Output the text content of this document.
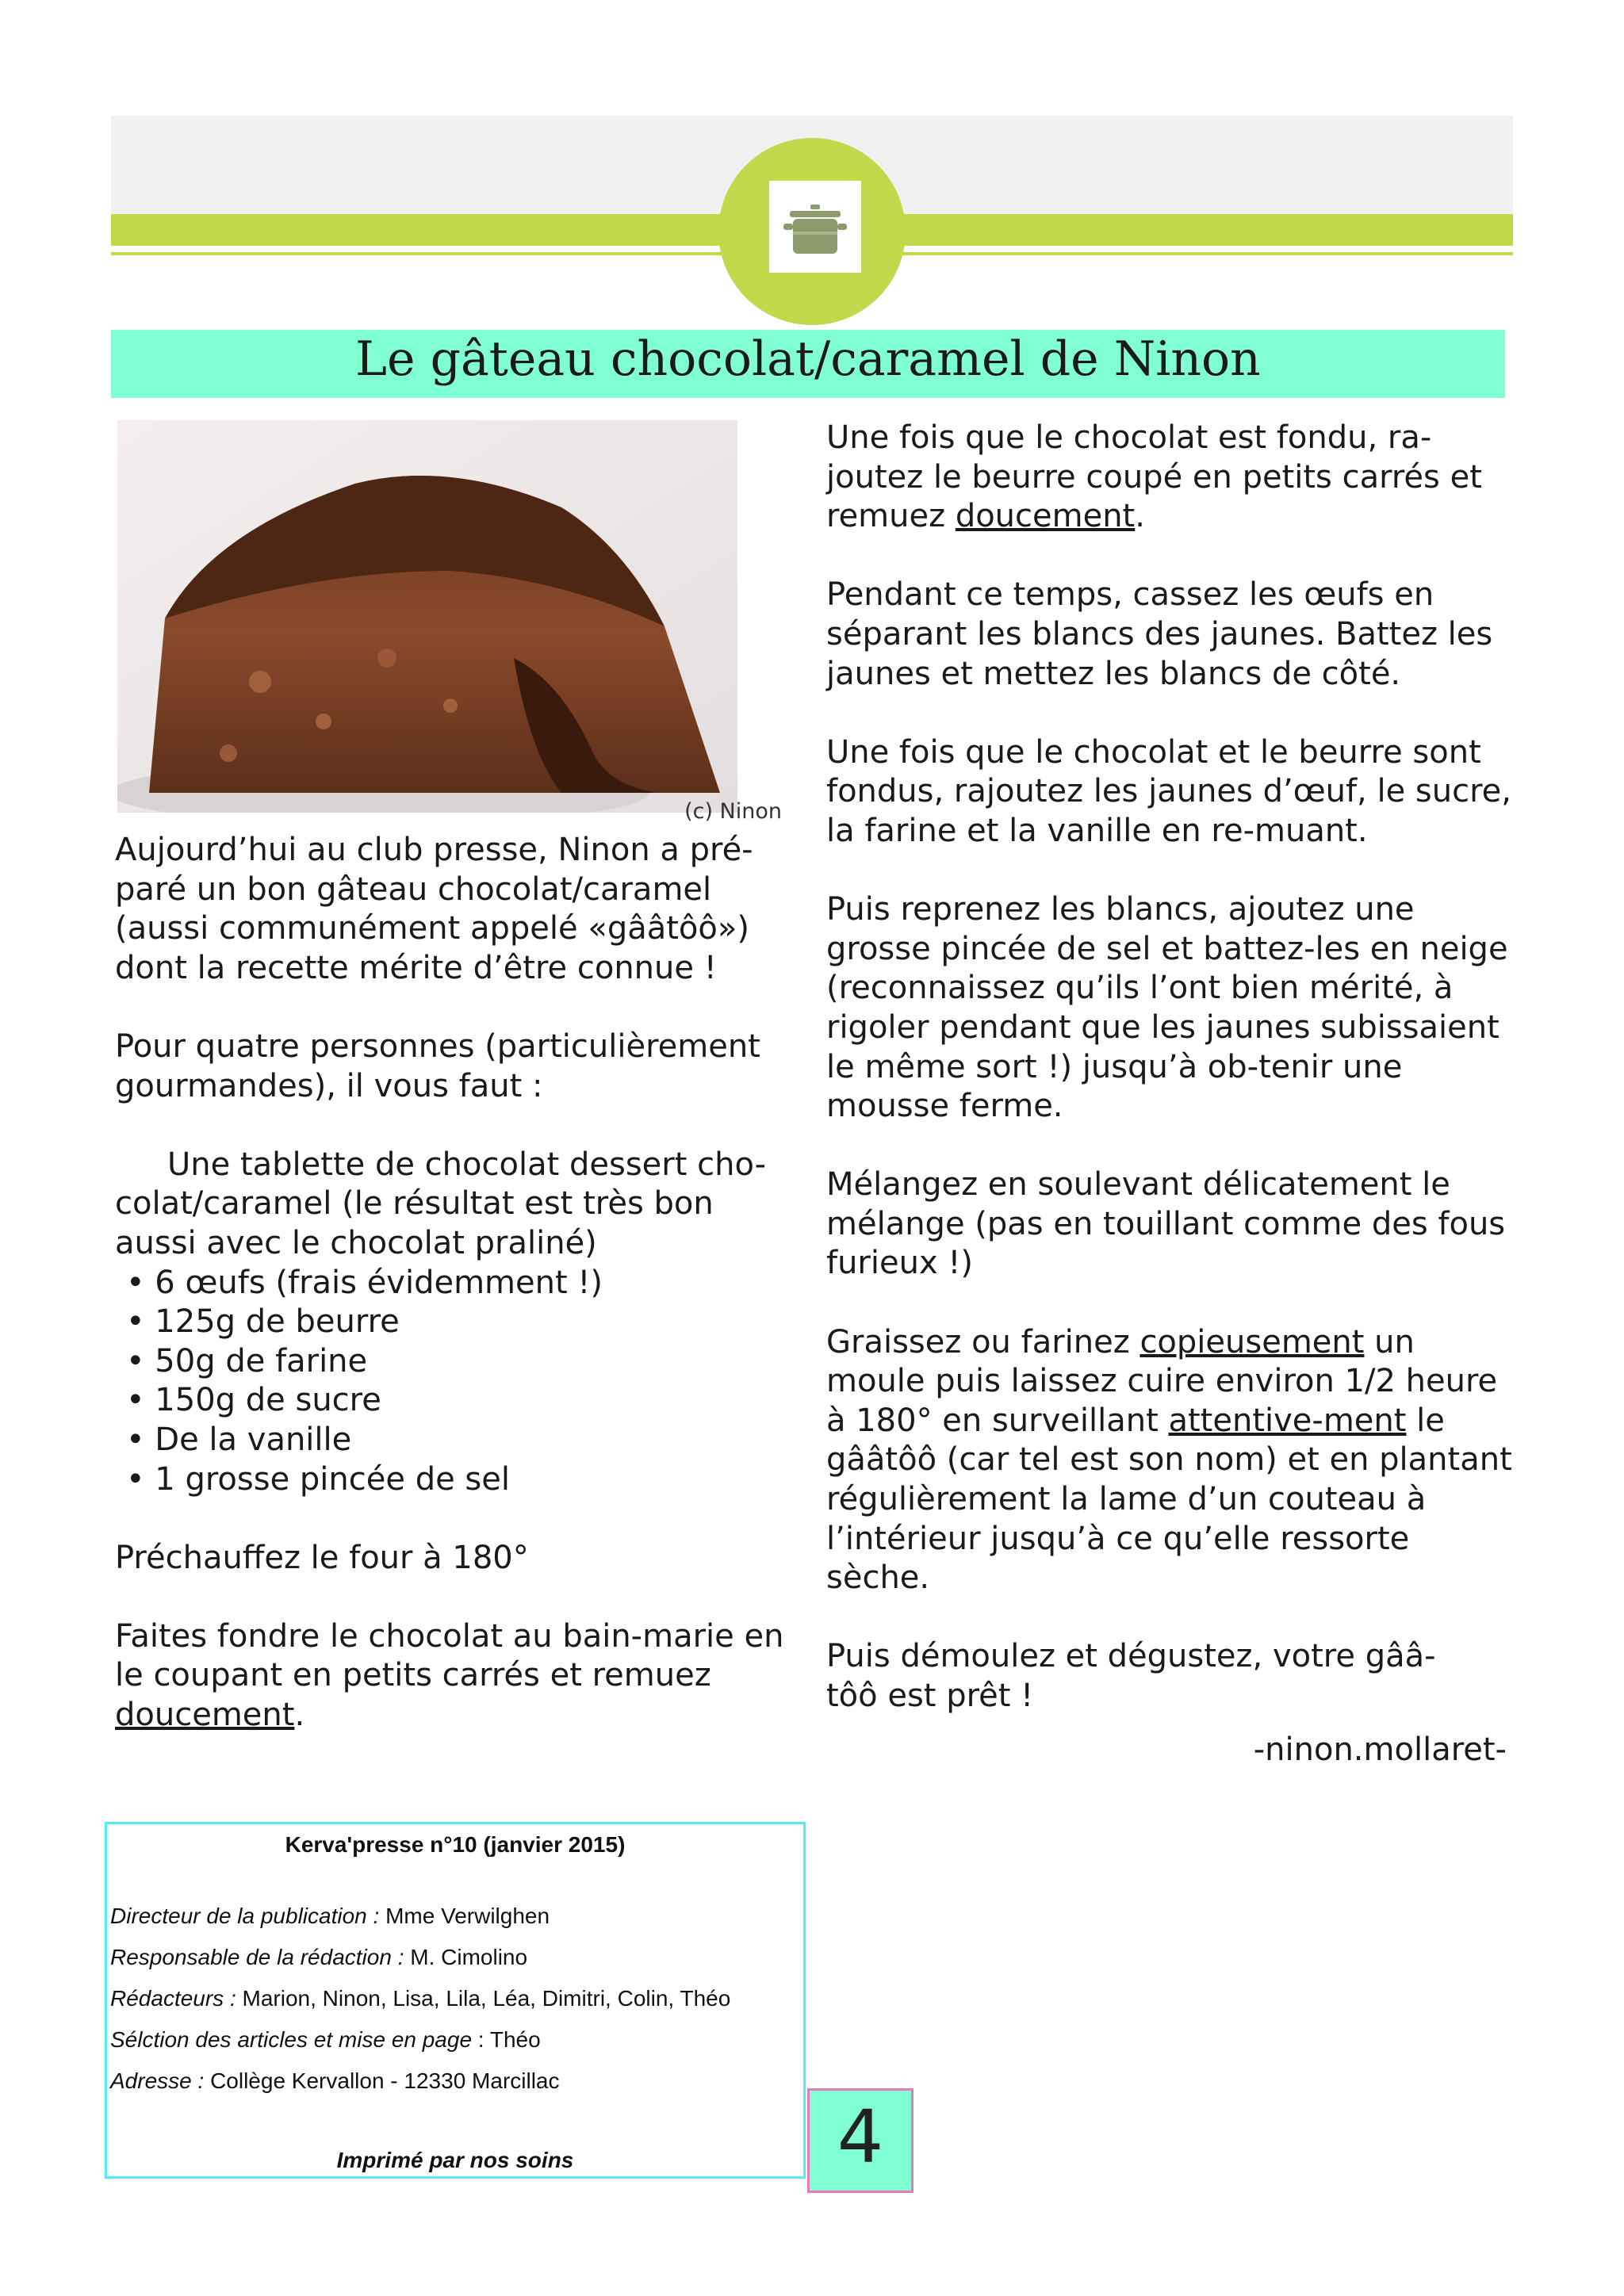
Le gâteau chocolat/caramel de Ninon
(c) Ninon

Aujourd’hui au club presse, Ninon a pré-paré un bon gâteau chocolat/caramel (aussi communément appelé «gââtôô») dont la recette mérite d’être connue !

Pour quatre personnes (particulièrement gourmandes), il vous faut :

Une tablette de chocolat dessert cho-colat/caramel (le résultat est très bon aussi avec le chocolat praliné)
• 6 œufs (frais évidemment !)
• 125g de beurre
• 50g de farine
• 150g de sucre
• De la vanille
• 1 grosse pincée de sel

Préchauffez le four à 180°

Faites fondre le chocolat au bain-marie en le coupant en petits carrés et remuez doucement.

Une fois que le chocolat est fondu, ra-joutez le beurre coupé en petits carrés et remuez doucement.

Pendant ce temps, cassez les œufs en séparant les blancs des jaunes. Battez les jaunes et mettez les blancs de côté.

Une fois que le chocolat et le beurre sont fondus, rajoutez les jaunes d’œuf, le sucre, la farine et la vanille en re-muant.

Puis reprenez les blancs, ajoutez une grosse pincée de sel et battez-les en neige (reconnaissez qu’ils l’ont bien mérité, à rigoler pendant que les jaunes subissaient le même sort !) jusqu’à ob-tenir une mousse ferme.

Mélangez en soulevant délicatement le mélange (pas en touillant comme des fous furieux !)

Graissez ou farinez copieusement un moule puis laissez cuire environ 1/2 heure à 180° en surveillant attentive-ment le gââtôô (car tel est son nom) et en plantant régulièrement la lame d’un couteau à l’intérieur jusqu’à ce qu’elle ressorte sèche.

Puis démoulez et dégustez, votre gââ-tôô est prêt !

-ninon.mollaret-
Kerva'presse n°10 (janvier 2015)
Directeur de la publication : Mme Verwilghen
Responsable de la rédaction : M. Cimolino
Rédacteurs : Marion, Ninon, Lisa, Lila, Léa, Dimitri, Colin, Théo
Sélction des articles et mise en page : Théo
Adresse : Collège Kervallon - 12330 Marcillac
Imprimé par nos soins	4
